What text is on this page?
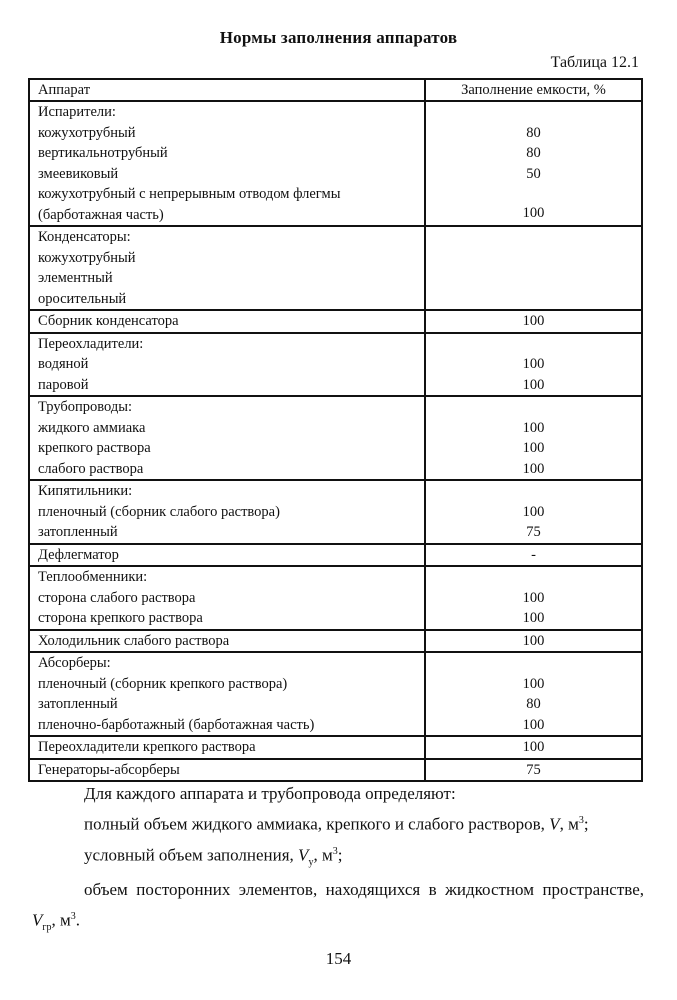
Нормы заполнения аппаратов
Таблица 12.1
Аппарат	Заполнение емкости, %
Испарители:	
кожухотрубный	80
вертикальнотрубный	80
змеевиковый	50
кожухотрубный с непрерывным отводом флегмы (барботажная часть)	100
Конденсаторы:	
кожухотрубный	
элементный	
оросительный	
Сборник конденсатора	100
Переохладители:	
водяной	100
паровой	100
Трубопроводы:	
жидкого аммиака	100
крепкого раствора	100
слабого раствора	100
Кипятильники:	
пленочный (сборник слабого раствора)	100
затопленный	75
Дефлегматор	-
Теплообменники:	
сторона слабого раствора	100
сторона крепкого раствора	100
Холодильник слабого раствора	100
Абсорберы:	
пленочный (сборник крепкого раствора)	100
затопленный	80
пленочно-барботажный (барботажная часть)	100
Переохладители крепкого раствора	100
Генераторы-абсорберы	75

Для каждого аппарата и трубопровода определяют:

полный объем жидкого аммиака, крепкого и слабого растворов, V, $м^3$;

условный объем заполнения, $V_у$, $м^3$;

объем посторонних элементов, находящихся в жидкостном пространстве, $V_{гр}$, $м^3$.

154
